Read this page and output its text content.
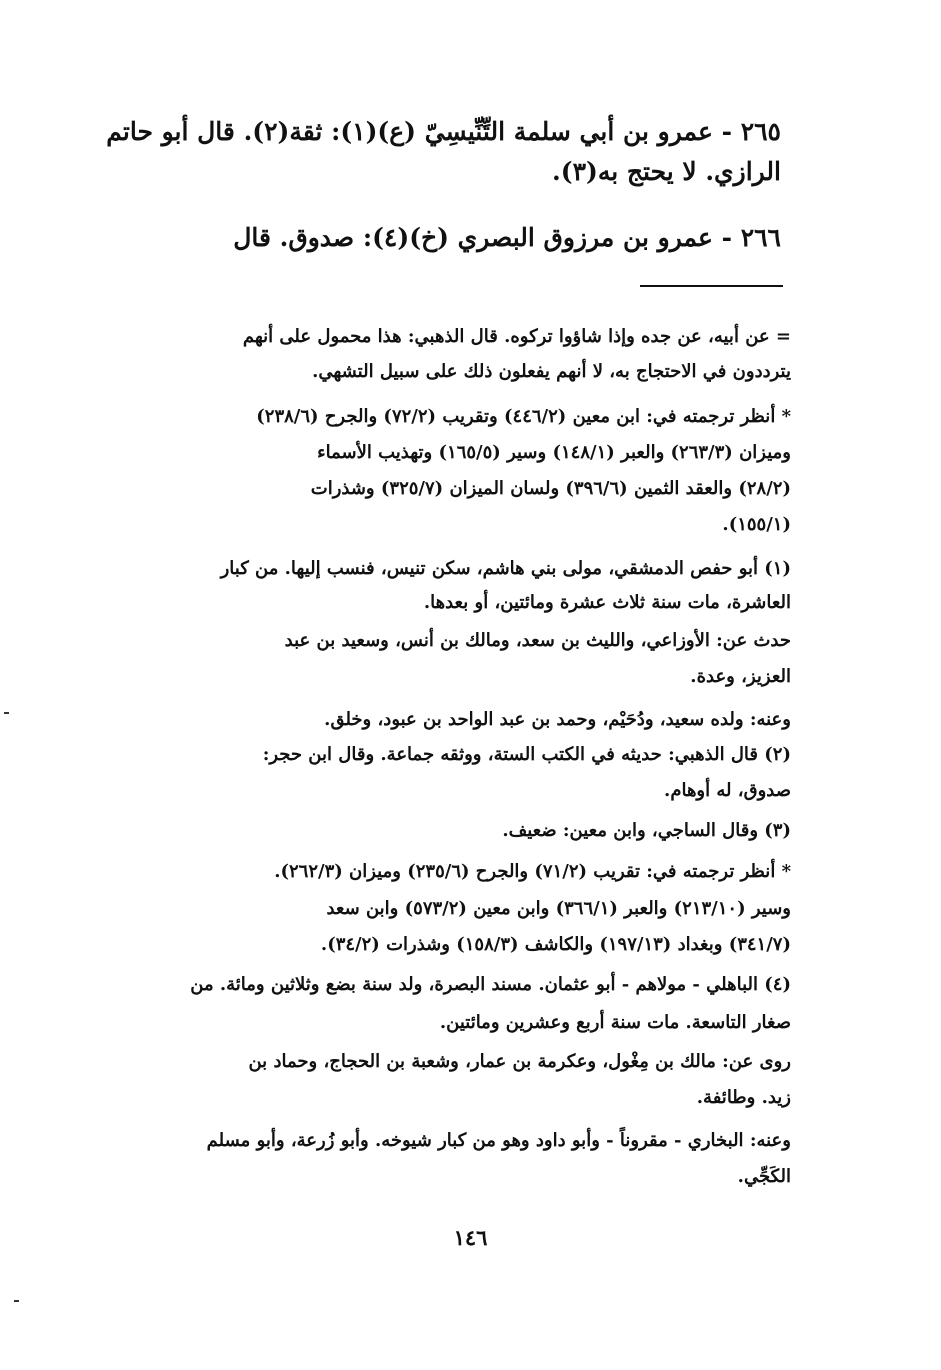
٢٦٥ - عمرو بن أبي سلمة التِّنِّيسِيّ (ع)(١): ثقة(٢). قال أبو حاتم
الرازي. لا يحتج به(٣).
٢٦٦ - عمرو بن مرزوق البصري (خ)(٤): صدوق. قال
= عن أبيه، عن جده وإذا شاؤوا تركوه. قال الذهبي: هذا محمول على أنهم
يترددون في الاحتجاج به، لا أنهم يفعلون ذلك على سبيل التشهي.
* أنظر ترجمته في: ابن معين (٤٤٦/٢) وتقريب (٧٢/٢) والجرح (٢٣٨/٦)
وميزان (٢٦٣/٣) والعبر (١٤٨/١) وسير (١٦٥/٥) وتهذيب الأسماء
(٢٨/٢) والعقد الثمين (٣٩٦/٦) ولسان الميزان (٣٢٥/٧) وشذرات
(١٥٥/١).
(١) أبو حفص الدمشقي، مولى بني هاشم، سكن تنيس، فنسب إليها. من كبار
العاشرة، مات سنة ثلاث عشرة ومائتين، أو بعدها.
حدث عن: الأوزاعي، والليث بن سعد، ومالك بن أنس، وسعيد بن عبد
العزيز، وعدة.
وعنه: ولده سعيد، ودُحَيْم، وحمد بن عبد الواحد بن عبود، وخلق.
(٢) قال الذهبي: حديثه في الكتب الستة، ووثقه جماعة. وقال ابن حجر:
صدوق، له أوهام.
(٣) وقال الساجي، وابن معين: ضعيف.
* أنظر ترجمته في: تقريب (٧١/٢) والجرح (٢٣٥/٦) وميزان (٢٦٢/٣).
وسير (٢١٣/١٠) والعبر (٣٦٦/١) وابن معين (٥٧٣/٢) وابن سعد
(٣٤١/٧) وبغداد (١٩٧/١٣) والكاشف (١٥٨/٣) وشذرات (٣٤/٢).
(٤) الباهلي - مولاهم - أبو عثمان. مسند البصرة، ولد سنة بضع وثلاثين ومائة. من
صغار التاسعة. مات سنة أربع وعشرين ومائتين.
روى عن: مالك بن مِغْول، وعكرمة بن عمار، وشعبة بن الحجاج، وحماد بن
زيد. وطائفة.
وعنه: البخاري - مقروناً - وأبو داود وهو من كبار شيوخه. وأبو زُرعة، وأبو مسلم
الكَجِّي.
١٤٦
